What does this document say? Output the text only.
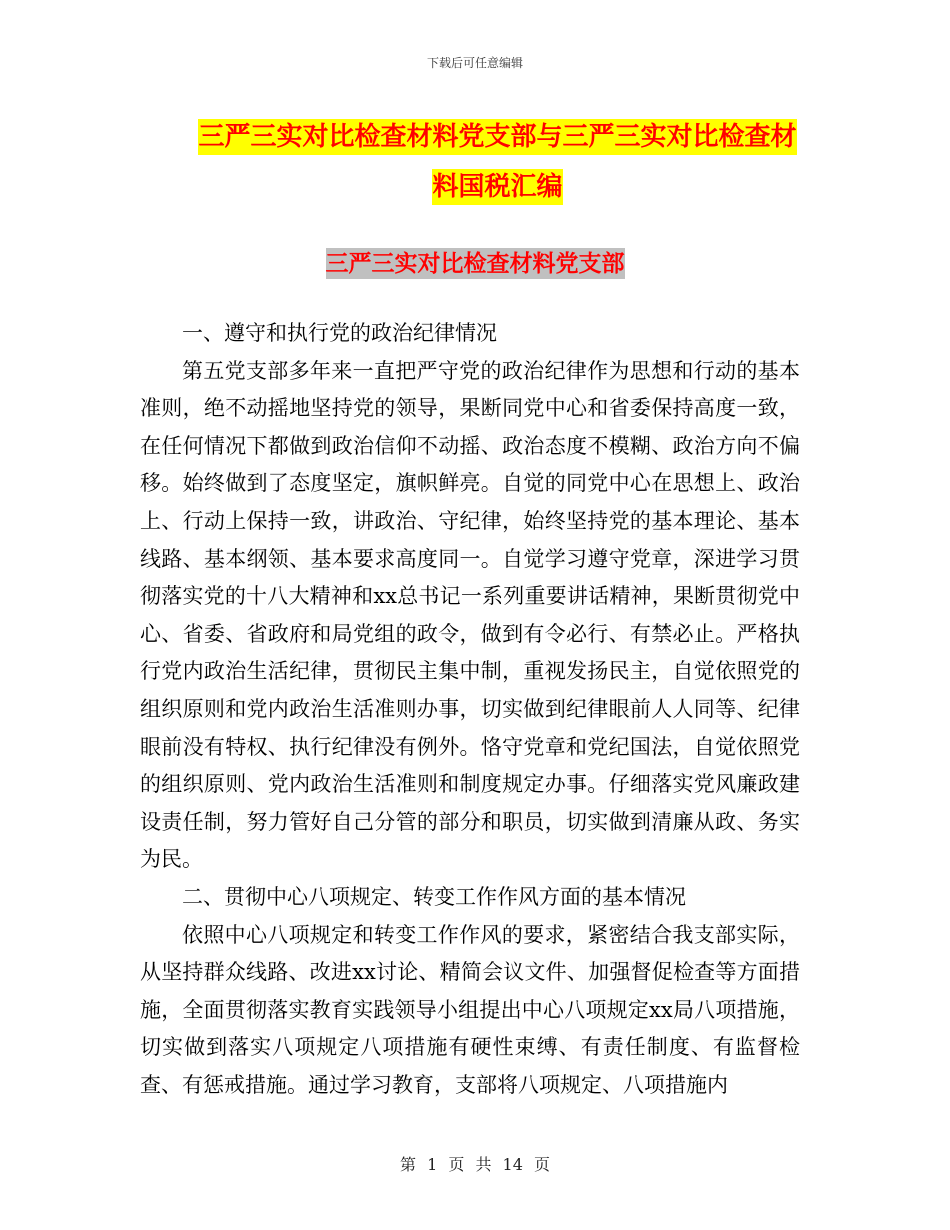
下载后可任意编辑
三严三实对比检查材料党支部与三严三实对比检查材
料国税汇编
三严三实对比检查材料党支部

一、遵守和执行党的政治纪律情况

第五党支部多年来一直把严守党的政治纪律作为思想和行动的基本准则，绝不动摇地坚持党的领导，果断同党中心和省委保持高度一致，在任何情况下都做到政治信仰不动摇、政治态度不模糊、政治方向不偏移。始终做到了态度坚定，旗帜鲜亮。自觉的同党中心在思想上、政治上、行动上保持一致，讲政治、守纪律，始终坚持党的基本理论、基本线路、基本纲领、基本要求高度同一。自觉学习遵守党章，深进学习贯彻落实党的十八大精神和xx总书记一系列重要讲话精神，果断贯彻党中心、省委、省政府和局党组的政令，做到有令必行、有禁必止。严格执行党内政治生活纪律，贯彻民主集中制，重视发扬民主，自觉依照党的组织原则和党内政治生活准则办事，切实做到纪律眼前人人同等、纪律眼前没有特权、执行纪律没有例外。恪守党章和党纪国法，自觉依照党的组织原则、党内政治生活准则和制度规定办事。仔细落实党风廉政建设责任制，努力管好自己分管的部分和职员，切实做到清廉从政、务实为民。

二、贯彻中心八项规定、转变工作作风方面的基本情况

依照中心八项规定和转变工作作风的要求，紧密结合我支部实际，从坚持群众线路、改进xx讨论、精简会议文件、加强督促检查等方面措施，全面贯彻落实教育实践领导小组提出中心八项规定xx局八项措施，切实做到落实八项规定八项措施有硬性束缚、有责任制度、有监督检查、有惩戒措施。通过学习教育，支部将八项规定、八项措施内

第 1 页 共 14 页
